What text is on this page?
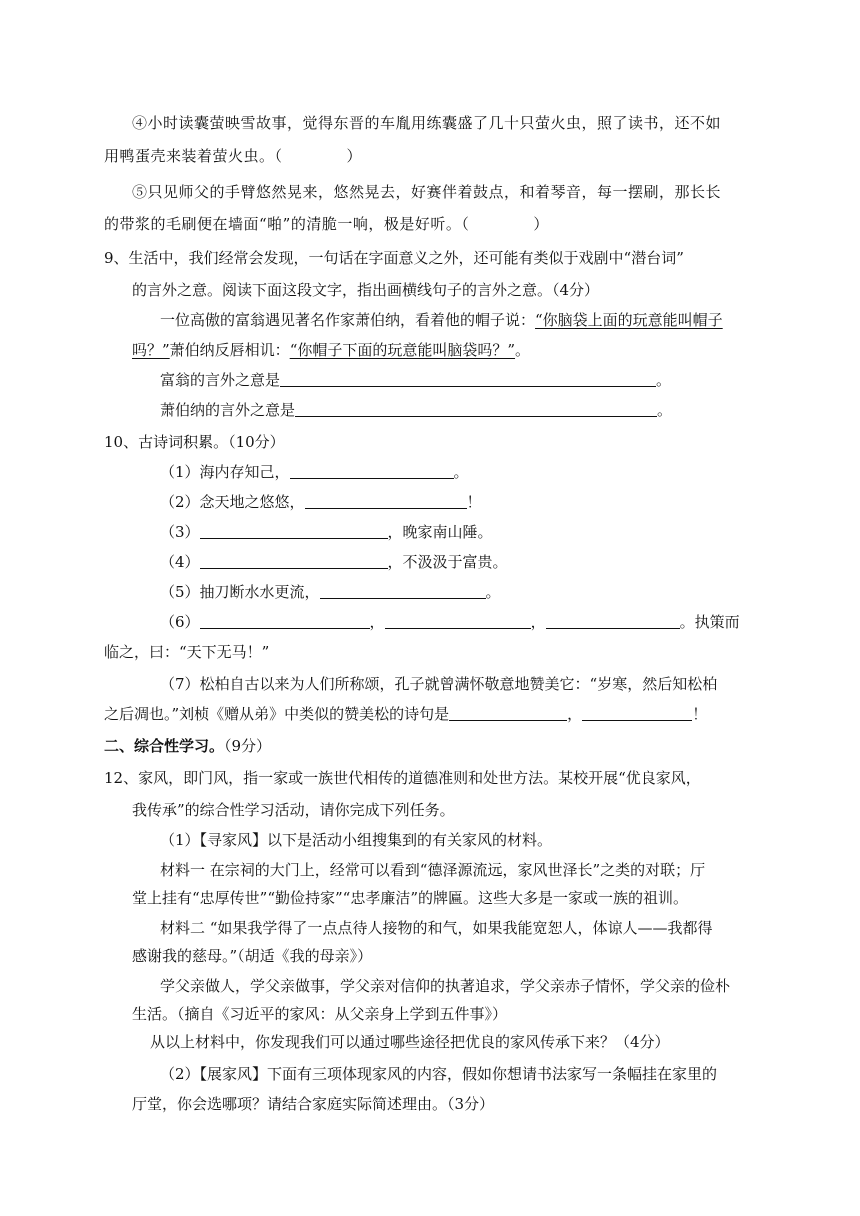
④小时读囊萤映雪故事，觉得东晋的车胤用练囊盛了几十只萤火虫，照了读书，还不如
用鸭蛋壳来装着萤火虫。（	）
⑤只见师父的手臂悠然晃来，悠然晃去，好赛伴着鼓点，和着琴音，每一摆刷，那长长
的带浆的毛刷便在墙面“啪”的清脆一响，极是好听。（	）
9、生活中，我们经常会发现，一句话在字面意义之外，还可能有类似于戏剧中“潜台词”
的言外之意。阅读下面这段文字，指出画横线句子的言外之意。（4分）
一位高傲的富翁遇见著名作家萧伯纳，看着他的帽子说：“你脑袋上面的玩意能叫帽子
吗？”萧伯纳反唇相讥：“你帽子下面的玩意能叫脑袋吗？”。
富翁的言外之意是	。
萧伯纳的言外之意是	。
10、古诗词积累。（10分）
（1）海内存知己，	。
（2）念天地之悠悠，	！
（3）	，晚家南山陲。
（4）	，不汲汲于富贵。
（5）抽刀断水水更流，	。
（6）	，	，	。执策而
临之，曰：“天下无马！”
（7）松柏自古以来为人们所称颂，孔子就曾满怀敬意地赞美它：“岁寒，然后知松柏
之后凋也。”刘桢《赠从弟》中类似的赞美松的诗句是	，	！
二、综合性学习。（9分）
12、家风，即门风，指一家或一族世代相传的道德准则和处世方法。某校开展“优良家风，
我传承”的综合性学习活动，请你完成下列任务。
（1）【寻家风】以下是活动小组搜集到的有关家风的材料。
材料一 在宗祠的大门上，经常可以看到“德泽源流远，家风世泽长”之类的对联；厅
堂上挂有“忠厚传世”“勤俭持家”“忠孝廉洁”的牌匾。这些大多是一家或一族的祖训。
材料二 “如果我学得了一点点待人接物的和气，如果我能宽恕人，体谅人——我都得
感谢我的慈母。”（胡适《我的母亲》）
学父亲做人，学父亲做事，学父亲对信仰的执著追求，学父亲赤子情怀，学父亲的俭朴
生活。（摘自《习近平的家风：从父亲身上学到五件事》）
从以上材料中，你发现我们可以通过哪些途径把优良的家风传承下来？（4分）
（2）【展家风】下面有三项体现家风的内容，假如你想请书法家写一条幅挂在家里的
厅堂，你会选哪项？请结合家庭实际简述理由。（3分）
